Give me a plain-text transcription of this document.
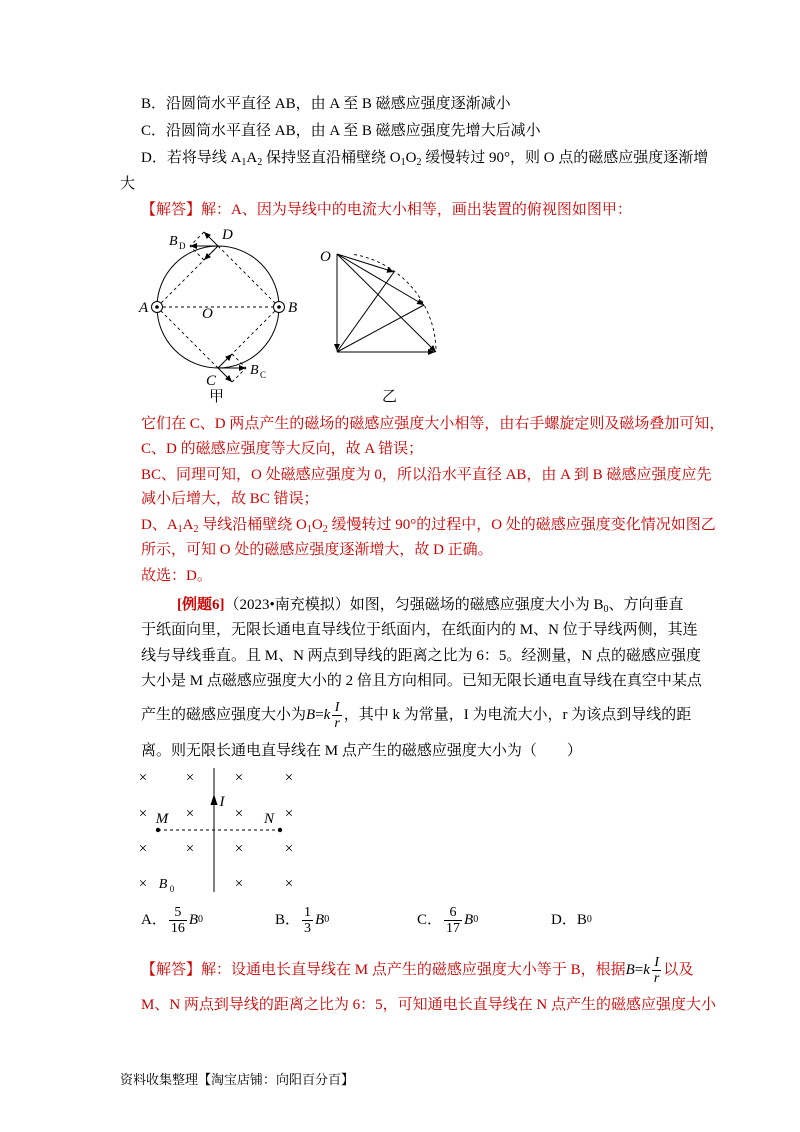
B．沿圆筒水平直径 AB，由 A 至 B 磁感应强度逐渐减小
C．沿圆筒水平直径 AB，由 A 至 B 磁感应强度先增大后减小
D．若将导线 $A_1A_2$ 保持竖直沿桶壁绕 $O_1O_2$ 缓慢转过 90°，则 O 点的磁感应强度逐渐增
大
【解答】解：A、因为导线中的电流大小相等，画出装置的俯视图如图甲：
它们在 C、D 两点产生的磁场的磁感应强度大小相等，由右手螺旋定则及磁场叠加可知，
C、D 的磁感应强度等大反向，故 A 错误；
BC、同理可知，O 处磁感应强度为 0，所以沿水平直径 AB，由 A 到 B 磁感应强度应先
减小后增大，故 BC 错误；
D、$A_1A_2$ 导线沿桶壁绕 $O_1O_2$ 缓慢转过 90°的过程中，O 处的磁感应强度变化情况如图乙
所示，可知 O 处的磁感应强度逐渐增大，故 D 正确。
故选：D。
[例题6]（2023•南充模拟）如图，匀强磁场的磁感应强度大小为 $B_0$、方向垂直
于纸面向里，无限长通电直导线位于纸面内，在纸面内的 M、N 位于导线两侧，其连
线与导线垂直。且 M、N 两点到导线的距离之比为 6：5。经测量，N 点的磁感应强度
大小是 M 点磁感应强度大小的 2 倍且方向相同。已知无限长通电直导线在真空中某点
产生的磁感应强度大小为$B=k \frac{I}{r}$ ，其中 k 为常量，I 为电流大小，r 为该点到导线的距
离。则无限长通电直导线在 M 点产生的磁感应强度大小为（　　）
A． $\frac{5}{16}$ B 0	B． $\frac{1}{3}$ B 0	C． $\frac{6}{17}$ B 0	D． B 0
【解答】解：设通电长直导线在 M 点产生的磁感应强度大小等于 B，根据$B=k \frac{I}{r}$ 以及
M、N 两点到导线的距离之比为 6：5，可知通电长直导线在 N 点产生的磁感应强度大小
资料收集整理【淘宝店铺：向阳百分百】
D
B D
A	B
O
C
B C
甲
O
乙
×	×	×	×
×	×	×	×
×	×	×	×
×	×	×
I
M	N
B 0
